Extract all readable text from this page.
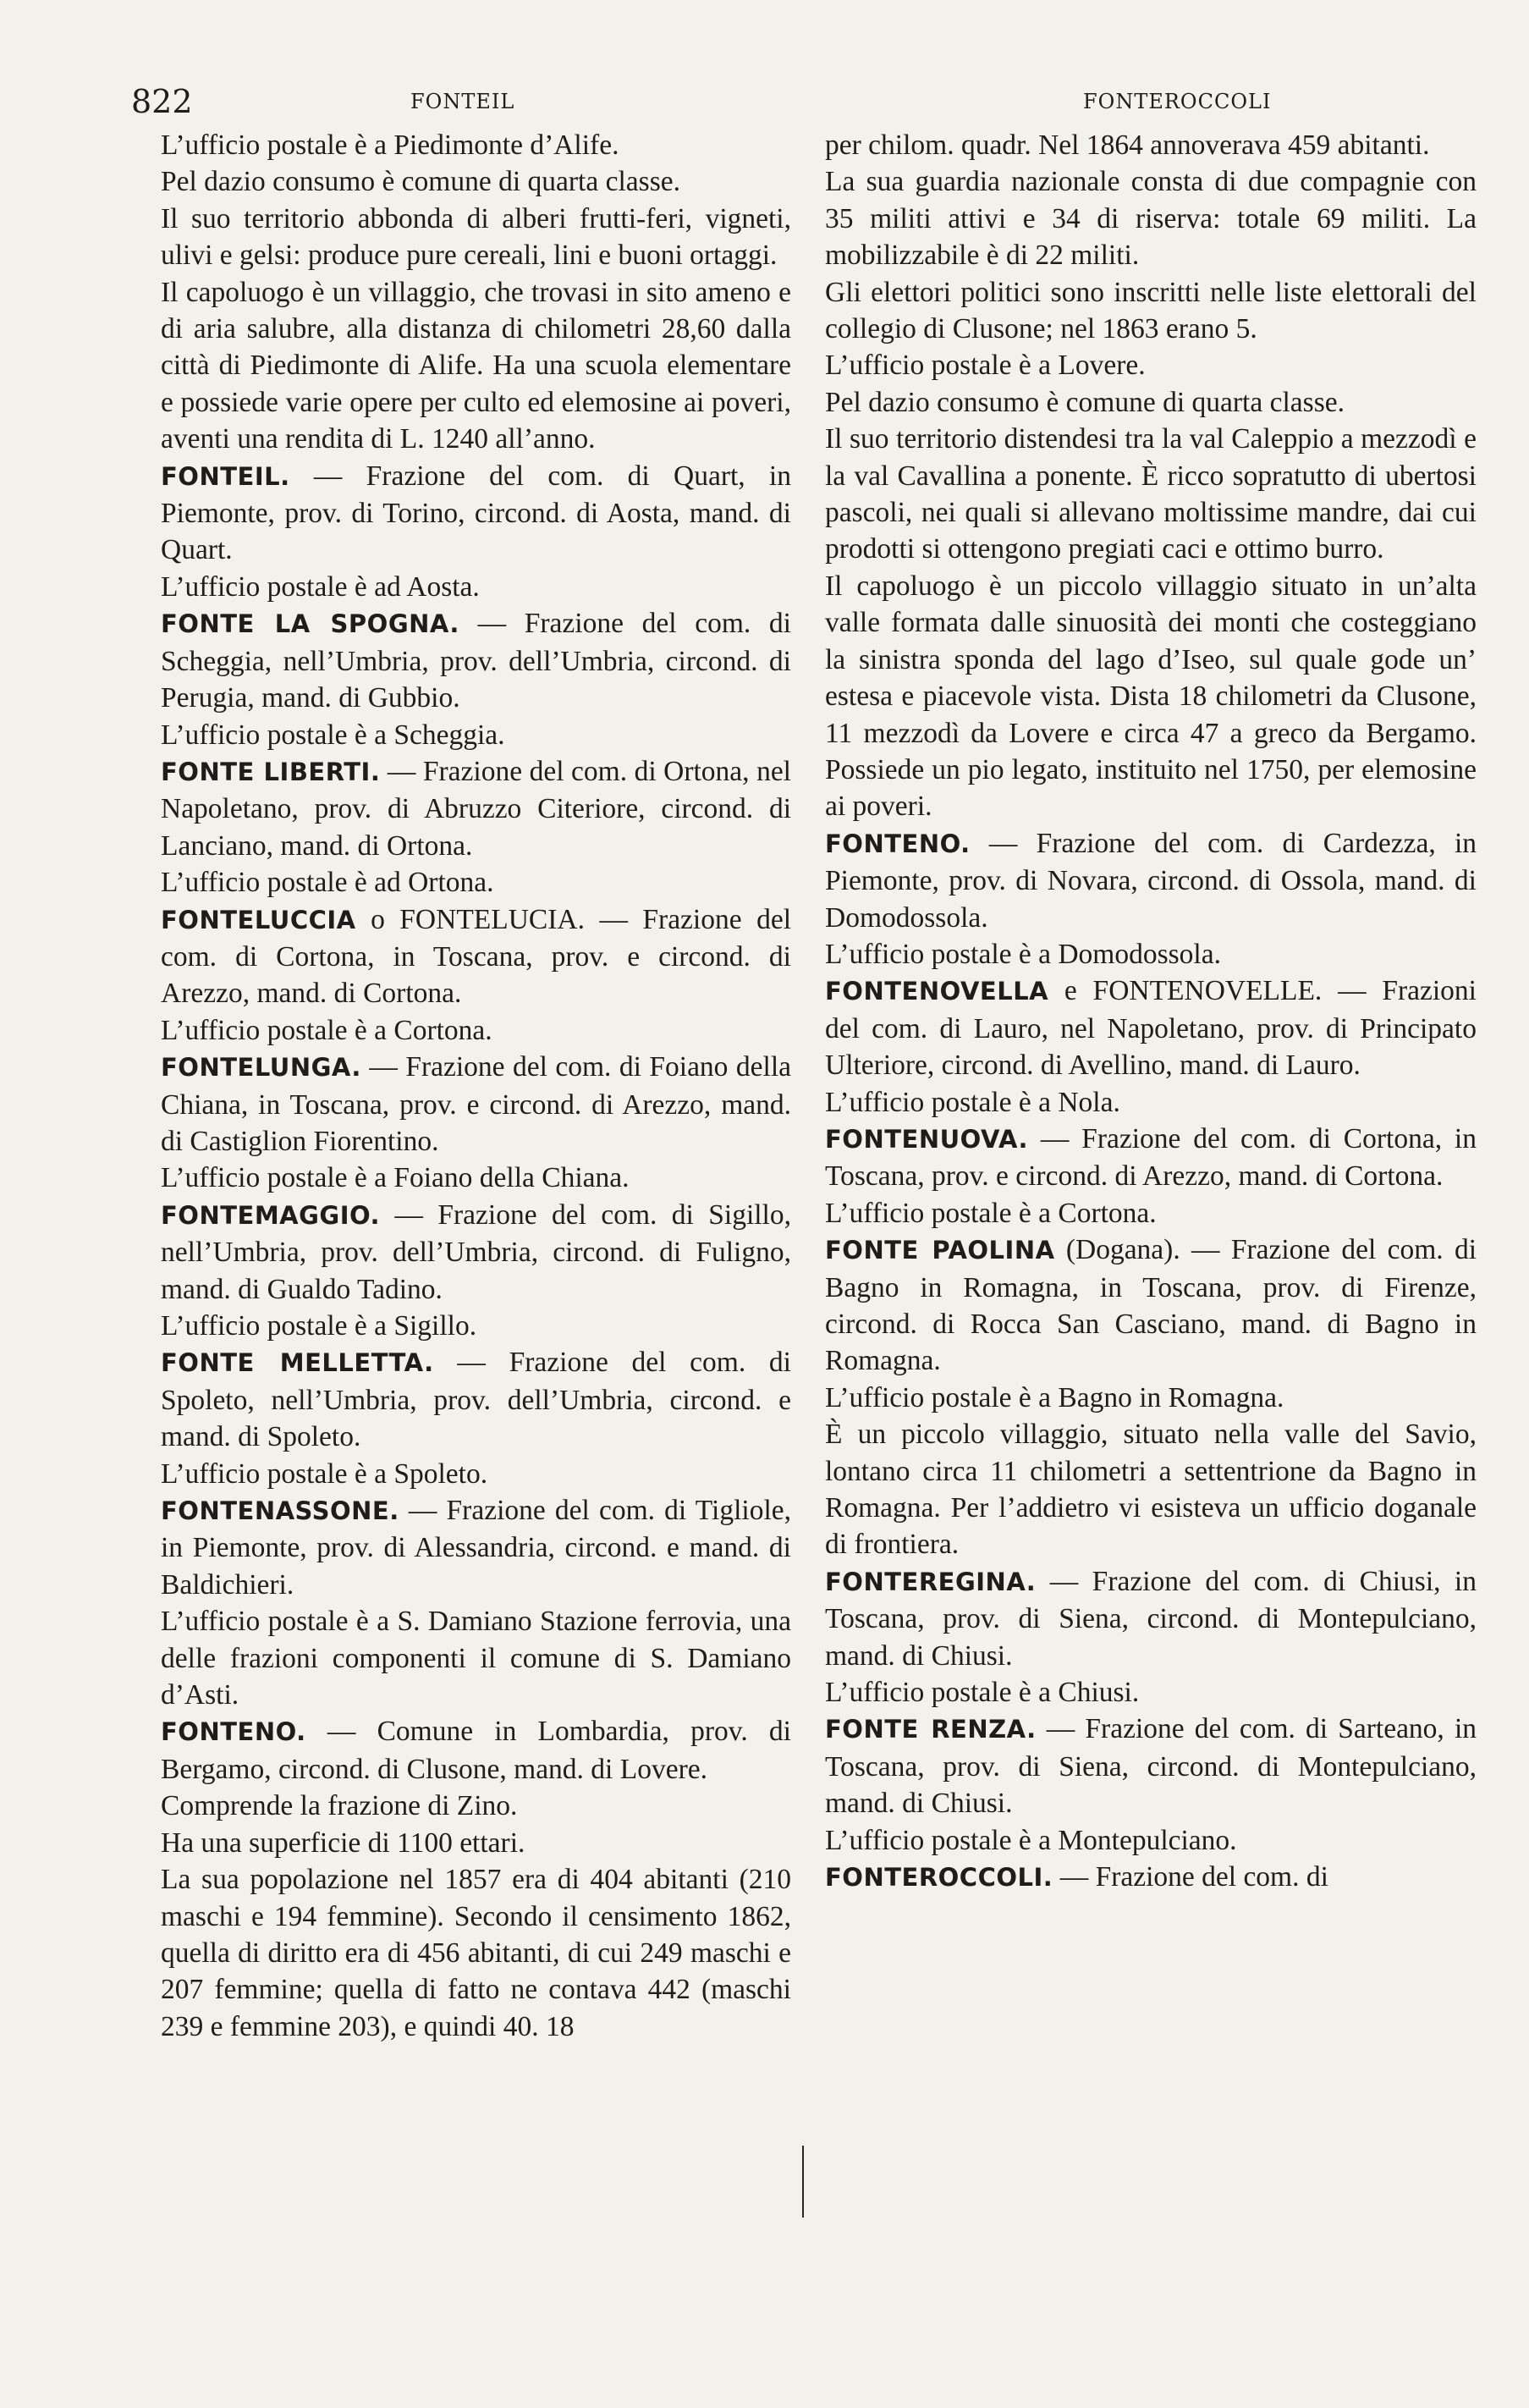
822	FONTEIL	FONTEROCCOLI

L’ufficio postale è a Piedimonte d’Alife.

Pel dazio consumo è comune di quarta classe.

Il suo territorio abbonda di alberi frutti-feri, vigneti, ulivi e gelsi: produce pure cereali, lini e buoni ortaggi.

Il capoluogo è un villaggio, che trovasi in sito ameno e di aria salubre, alla distanza di chilometri 28,60 dalla città di Piedimonte di Alife. Ha una scuola elementare e possiede varie opere per culto ed elemosine ai poveri, aventi una rendita di L. 1240 all’anno.

FONTEIL. — Frazione del com. di Quart, in Piemonte, prov. di Torino, circond. di Aosta, mand. di Quart.

L’ufficio postale è ad Aosta.

FONTE LA SPOGNA. — Frazione del com. di Scheggia, nell’Umbria, prov. dell’Umbria, circond. di Perugia, mand. di Gubbio.

L’ufficio postale è a Scheggia.

FONTE LIBERTI. — Frazione del com. di Ortona, nel Napoletano, prov. di Abruzzo Citeriore, circond. di Lanciano, mand. di Ortona.

L’ufficio postale è ad Ortona.

FONTELUCCIA o FONTELUCIA. — Frazione del com. di Cortona, in Toscana, prov. e circond. di Arezzo, mand. di Cortona.

L’ufficio postale è a Cortona.

FONTELUNGA. — Frazione del com. di Foiano della Chiana, in Toscana, prov. e circond. di Arezzo, mand. di Castiglion Fiorentino.

L’ufficio postale è a Foiano della Chiana.

FONTEMAGGIO. — Frazione del com. di Sigillo, nell’Umbria, prov. dell’Umbria, circond. di Fuligno, mand. di Gualdo Tadino.

L’ufficio postale è a Sigillo.

FONTE MELLETTA. — Frazione del com. di Spoleto, nell’Umbria, prov. dell’Umbria, circond. e mand. di Spoleto.

L’ufficio postale è a Spoleto.

FONTENASSONE. — Frazione del com. di Tigliole, in Piemonte, prov. di Alessandria, circond. e mand. di Baldichieri.

L’ufficio postale è a S. Damiano Stazione ferrovia, una delle frazioni componenti il comune di S. Damiano d’Asti.

FONTENO. — Comune in Lombardia, prov. di Bergamo, circond. di Clusone, mand. di Lovere.

Comprende la frazione di Zino.

Ha una superficie di 1100 ettari.

La sua popolazione nel 1857 era di 404 abitanti (210 maschi e 194 femmine). Secondo il censimento 1862, quella di diritto era di 456 abitanti, di cui 249 maschi e 207 femmine; quella di fatto ne contava 442 (maschi 239 e femmine 203), e quindi 40. 18

per chilom. quadr. Nel 1864 annoverava 459 abitanti.

La sua guardia nazionale consta di due compagnie con 35 militi attivi e 34 di riserva: totale 69 militi. La mobilizzabile è di 22 militi.

Gli elettori politici sono inscritti nelle liste elettorali del collegio di Clusone; nel 1863 erano 5.

L’ufficio postale è a Lovere.

Pel dazio consumo è comune di quarta classe.

Il suo territorio distendesi tra la val Caleppio a mezzodì e la val Cavallina a ponente. È ricco sopratutto di ubertosi pascoli, nei quali si allevano moltissime mandre, dai cui prodotti si ottengono pregiati caci e ottimo burro.

Il capoluogo è un piccolo villaggio situato in un’alta valle formata dalle sinuosità dei monti che costeggiano la sinistra sponda del lago d’Iseo, sul quale gode un’ estesa e piacevole vista. Dista 18 chilometri da Clusone, 11 mezzodì da Lovere e circa 47 a greco da Bergamo. Possiede un pio legato, instituito nel 1750, per elemosine ai poveri.

FONTENO. — Frazione del com. di Cardezza, in Piemonte, prov. di Novara, circond. di Ossola, mand. di Domodossola.

L’ufficio postale è a Domodossola.

FONTENOVELLA e FONTENOVELLE. — Frazioni del com. di Lauro, nel Napoletano, prov. di Principato Ulteriore, circond. di Avellino, mand. di Lauro.

L’ufficio postale è a Nola.

FONTENUOVA. — Frazione del com. di Cortona, in Toscana, prov. e circond. di Arezzo, mand. di Cortona.

L’ufficio postale è a Cortona.

FONTE PAOLINA (Dogana). — Frazione del com. di Bagno in Romagna, in Toscana, prov. di Firenze, circond. di Rocca San Casciano, mand. di Bagno in Romagna.

L’ufficio postale è a Bagno in Romagna.

È un piccolo villaggio, situato nella valle del Savio, lontano circa 11 chilometri a settentrione da Bagno in Romagna. Per l’addietro vi esisteva un ufficio doganale di frontiera.

FONTEREGINA. — Frazione del com. di Chiusi, in Toscana, prov. di Siena, circond. di Montepulciano, mand. di Chiusi.

L’ufficio postale è a Chiusi.

FONTE RENZA. — Frazione del com. di Sarteano, in Toscana, prov. di Siena, circond. di Montepulciano, mand. di Chiusi.

L’ufficio postale è a Montepulciano.

FONTEROCCOLI. — Frazione del com. di
